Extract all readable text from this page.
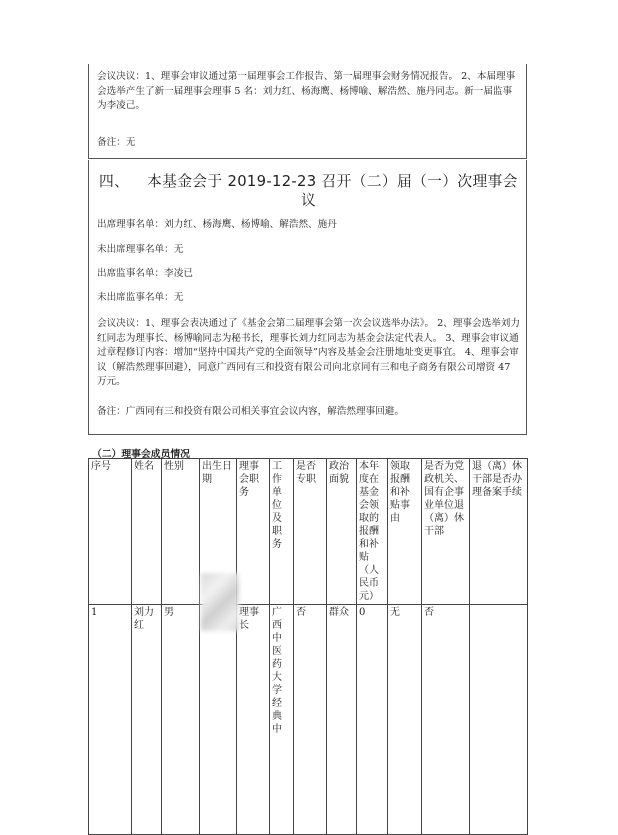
会议决议：1、理事会审议通过第一届理事会工作报告、第一届理事会财务情况报告。 2、本届理事会选举产生了新一届理事会理事 5 名：刘力红、杨海鹰、杨博喻、解浩然、施丹同志。新一届监事为李凌己。
备注：无
四、 本基金会于 2019-12-23 召开（二）届（一）次理事会
议
出席理事名单：刘力红、杨海鹰、杨博喻、解浩然、施丹
未出席理事名单：无
出席监事名单：李凌已
未出席监事名单：无
会议决议：1、理事会表决通过了《基金会第二届理事会第一次会议选举办法》。 2、理事会选举刘力红同志为理事长、杨博喻同志为秘书长，理事长刘力红同志为基金会法定代表人。 3、理事会审议通过章程修订内容：增加“坚持中国共产党的全面领导”内容及基金会注册地址变更事宜。 4、理事会审议（解浩然理事回避），同意广西同有三和投资有限公司向北京同有三和电子商务有限公司增资 47 万元。
备注：广西同有三和投资有限公司相关事宜会议内容，解浩然理事回避。
（二）理事会成员情况
序号	姓名	性别	出生日期	理事会职务	工作单位及职务	是否专职	政治面貌	本年度在基金会领取的报酬和补贴（人民币元）	领取报酬和补贴事由	是否为党政机关、国有企事业单位退（离）休干部	退（离）休干部是否办理备案手续
1	刘力红	男		理事长	广西中医药大学经典中	否	群众	0	无	否	
